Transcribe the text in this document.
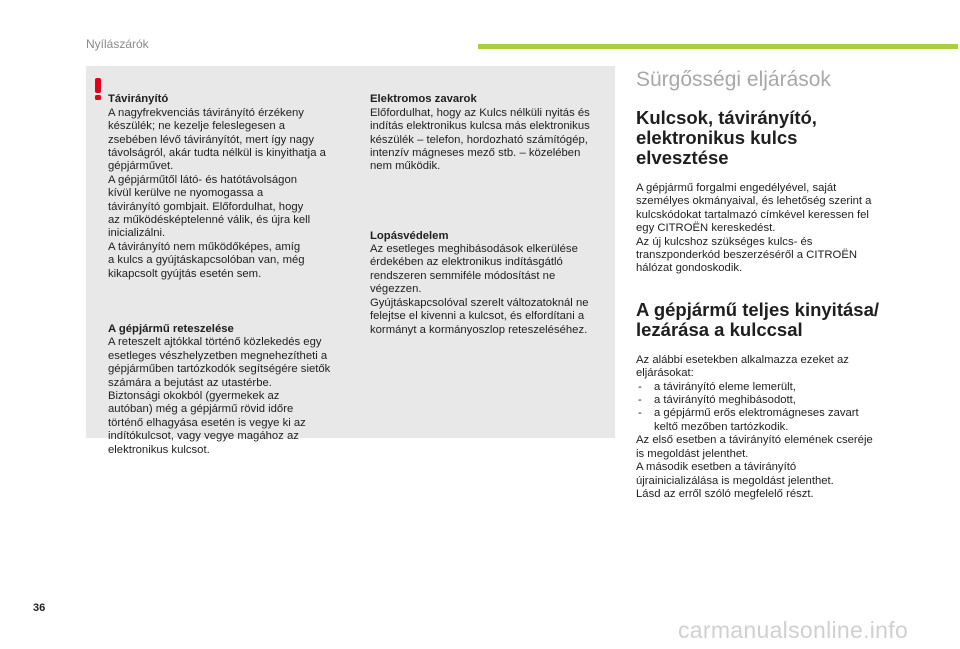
Nyílászárók

Távirányító
A nagyfrekvenciás távirányító érzékeny
készülék; ne kezelje feleslegesen a
zsebében lévő távirányítót, mert így nagy
távolságról, akár tudta nélkül is kinyithatja a
gépjárművet.
A gépjárműtől látó- és hatótávolságon
kívül kerülve ne nyomogassa a
távirányító gombjait. Előfordulhat, hogy
az működésképtelenné válik, és újra kell
inicializálni.
A távirányító nem működőképes, amíg
a kulcs a gyújtáskapcsolóban van, még
kikapcsolt gyújtás esetén sem.

A gépjármű reteszelése
A reteszelt ajtókkal történő közlekedés egy
esetleges vészhelyzetben megnehezítheti a
gépjárműben tartózkodók segítségére sietők
számára a bejutást az utastérbe.
Biztonsági okokból (gyermekek az
autóban) még a gépjármű rövid időre
történő elhagyása esetén is vegye ki az
indítókulcsot, vagy vegye magához az
elektronikus kulcsot.

Elektromos zavarok
Előfordulhat, hogy az Kulcs nélküli nyitás és
indítás elektronikus kulcsa más elektronikus
készülék – telefon, hordozható számítógép,
intenzív mágneses mező stb. – közelében
nem működik.

Lopásvédelem
Az esetleges meghibásodások elkerülése
érdekében az elektronikus indításgátló
rendszeren semmiféle módosítást ne
végezzen.
Gyújtáskapcsolóval szerelt változatoknál ne
felejtse el kivenni a kulcsot, és elfordítani a
kormányt a kormányoszlop reteszeléséhez.

Sürgősségi eljárások
Kulcsok, távirányító,
elektronikus kulcs
elvesztése

A gépjármű forgalmi engedélyével, saját
személyes okmányaival, és lehetőség szerint a
kulcskódokat tartalmazó címkével keressen fel
egy CITROËN kereskedést.
Az új kulcshoz szükséges kulcs- és
transzponderkód beszerzéséről a CITROËN
hálózat gondoskodik.

A gépjármű teljes kinyitása/
lezárása a kulccsal

Az alábbi esetekben alkalmazza ezeket az
eljárásokat:

- a távirányító eleme lemerült,
- a távirányító meghibásodott,
- a gépjármű erős elektromágneses zavart
keltő mezőben tartózkodik.

Az első esetben a távirányító elemének cseréje
is megoldást jelenthet.
A második esetben a távirányító
újrainicializálása is megoldást jelenthet.
Lásd az erről szóló megfelelő részt.

36
carmanualsonline.info
